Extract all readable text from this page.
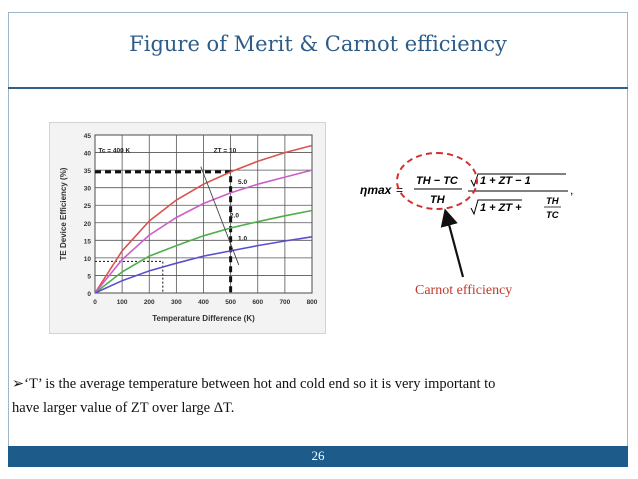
Figure of Merit & Carnot efficiency
0
5
10
15
20
25
30
35
40
45
0	100	200	300	400	500	600	700	800
Tc = 400 K	ZT = 10
5.0
2.0
1.0
Temperature Difference (K)
TE Device Efficiency (%)	ηmax =
TH − TC
TH
1 + ZT − 1
1 + ZT +
TH
TC
,
Carnot efficiency
➢‘T’ is the average temperature between hot and cold end so it is very important to
have larger value of ZT over large ΔT.
26
